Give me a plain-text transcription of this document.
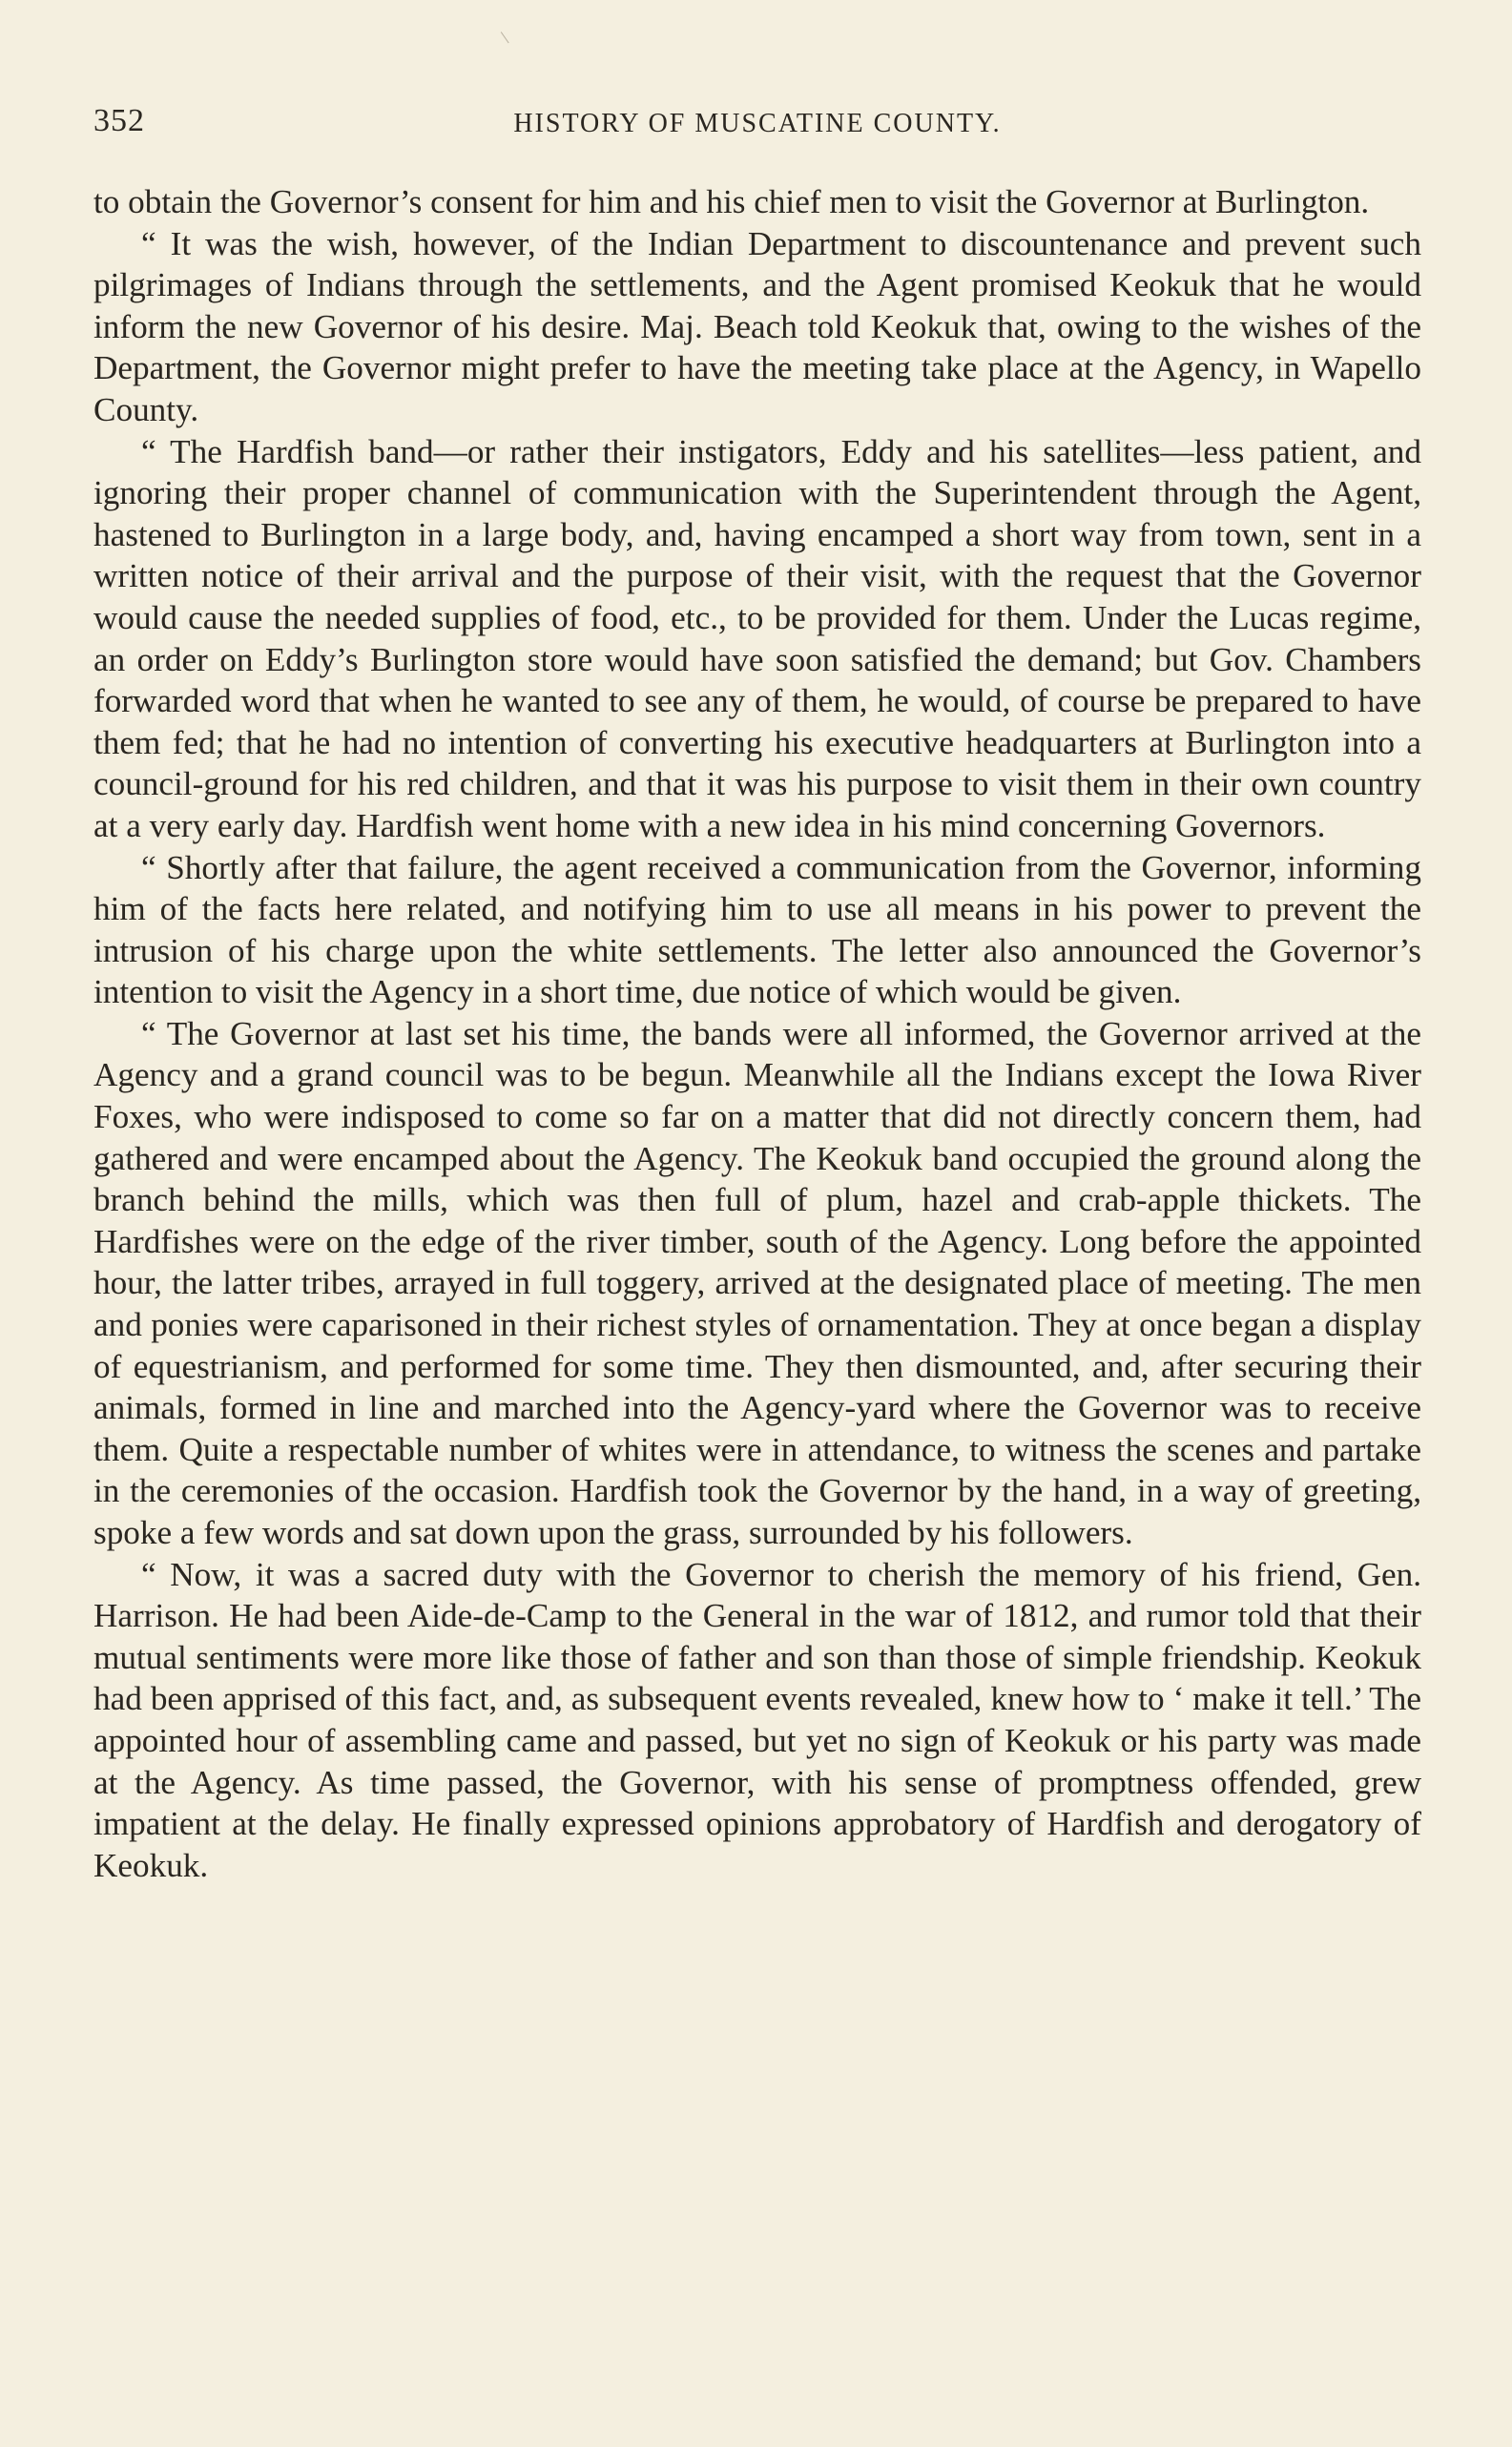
352	HISTORY OF MUSCATINE COUNTY.

to obtain the Governor’s consent for him and his chief men to visit the Governor at Burlington.

“ It was the wish, however, of the Indian Department to discountenance and prevent such pilgrimages of Indians through the settlements, and the Agent promised Keokuk that he would inform the new Governor of his desire. Maj. Beach told Keokuk that, owing to the wishes of the Department, the Governor might prefer to have the meeting take place at the Agency, in Wapello County.

“ The Hardfish band—or rather their instigators, Eddy and his satellites—less patient, and ignoring their proper channel of communication with the Superintendent through the Agent, hastened to Burlington in a large body, and, having encamped a short way from town, sent in a written notice of their arrival and the purpose of their visit, with the request that the Governor would cause the needed supplies of food, etc., to be provided for them. Under the Lucas regime, an order on Eddy’s Burlington store would have soon satisfied the demand; but Gov. Chambers forwarded word that when he wanted to see any of them, he would, of course be prepared to have them fed; that he had no intention of converting his executive headquarters at Burlington into a council-ground for his red children, and that it was his purpose to visit them in their own country at a very early day. Hardfish went home with a new idea in his mind concerning Governors.

“ Shortly after that failure, the agent received a communication from the Governor, informing him of the facts here related, and notifying him to use all means in his power to prevent the intrusion of his charge upon the white settlements. The letter also announced the Governor’s intention to visit the Agency in a short time, due notice of which would be given.

“ The Governor at last set his time, the bands were all informed, the Governor arrived at the Agency and a grand council was to be begun. Meanwhile all the Indians except the Iowa River Foxes, who were indisposed to come so far on a matter that did not directly concern them, had gathered and were encamped about the Agency. The Keokuk band occupied the ground along the branch behind the mills, which was then full of plum, hazel and crab-apple thickets. The Hardfishes were on the edge of the river timber, south of the Agency. Long before the appointed hour, the latter tribes, arrayed in full toggery, arrived at the designated place of meeting. The men and ponies were caparisoned in their richest styles of ornamentation. They at once began a display of equestrianism, and performed for some time. They then dismounted, and, after securing their animals, formed in line and marched into the Agency-yard where the Governor was to receive them. Quite a respectable number of whites were in attendance, to witness the scenes and partake in the ceremonies of the occasion. Hardfish took the Governor by the hand, in a way of greeting, spoke a few words and sat down upon the grass, surrounded by his followers.

“ Now, it was a sacred duty with the Governor to cherish the memory of his friend, Gen. Harrison. He had been Aide-de-Camp to the General in the war of 1812, and rumor told that their mutual sentiments were more like those of father and son than those of simple friendship. Keokuk had been apprised of this fact, and, as subsequent events revealed, knew how to ‘ make it tell.’ The appointed hour of assembling came and passed, but yet no sign of Keokuk or his party was made at the Agency. As time passed, the Governor, with his sense of promptness offended, grew impatient at the delay. He finally expressed opinions approbatory of Hardfish and derogatory of Keokuk.
